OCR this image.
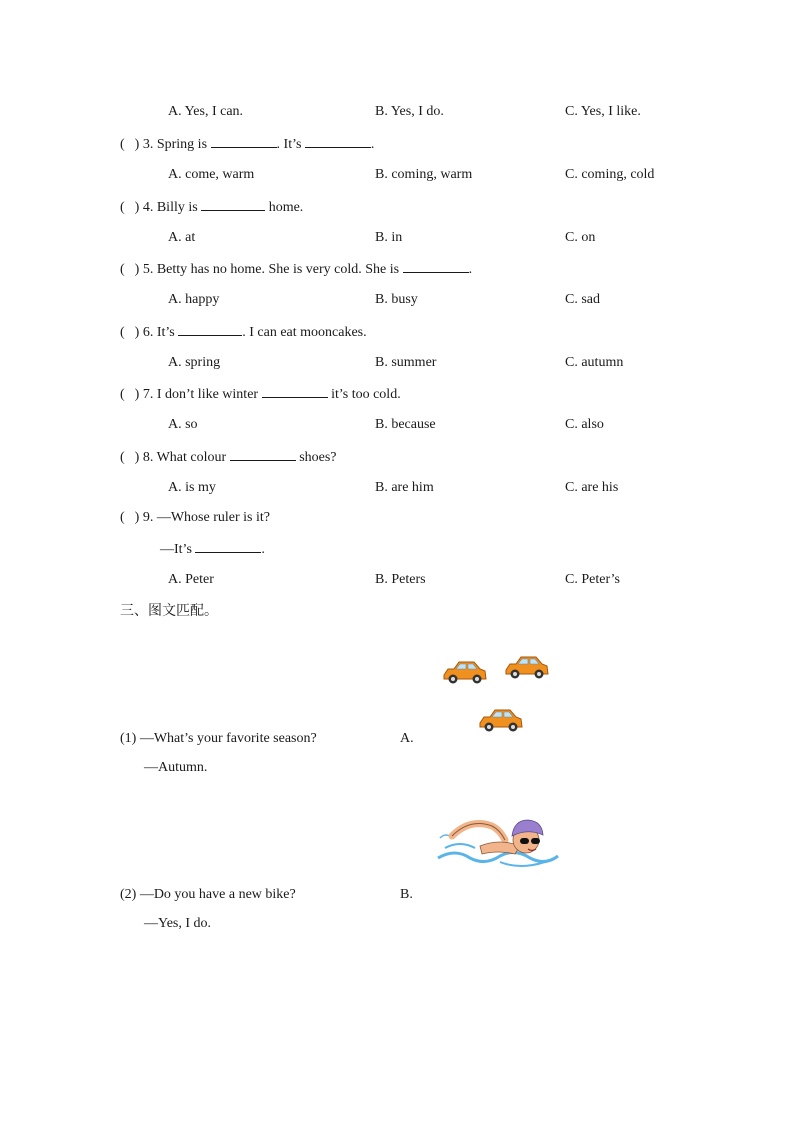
A. Yes, I can.	B. Yes, I do.	C. Yes, I like.
( ) 3. Spring is	. It’s	.
A. come, warm	B. coming, warm	C. coming, cold
( ) 4. Billy is	home.
A. at	B. in	C. on
( ) 5. Betty has no home. She is very cold. She is	.
A. happy	B. busy	C. sad
( ) 6. It’s	. I can eat mooncakes.
A. spring	B. summer	C. autumn
( ) 7. I don’t like winter	it’s too cold.
A. so	B. because	C. also
( ) 8. What colour	shoes?
A. is my	B. are him	C. are his
( ) 9. —Whose ruler is it?
—It’s	.
A. Peter	B. Peters	C. Peter’s
三、图文匹配。
(1) —What’s your favorite season?
—Autumn.
A.
(2) —Do you have a new bike?
—Yes, I do.
B.
